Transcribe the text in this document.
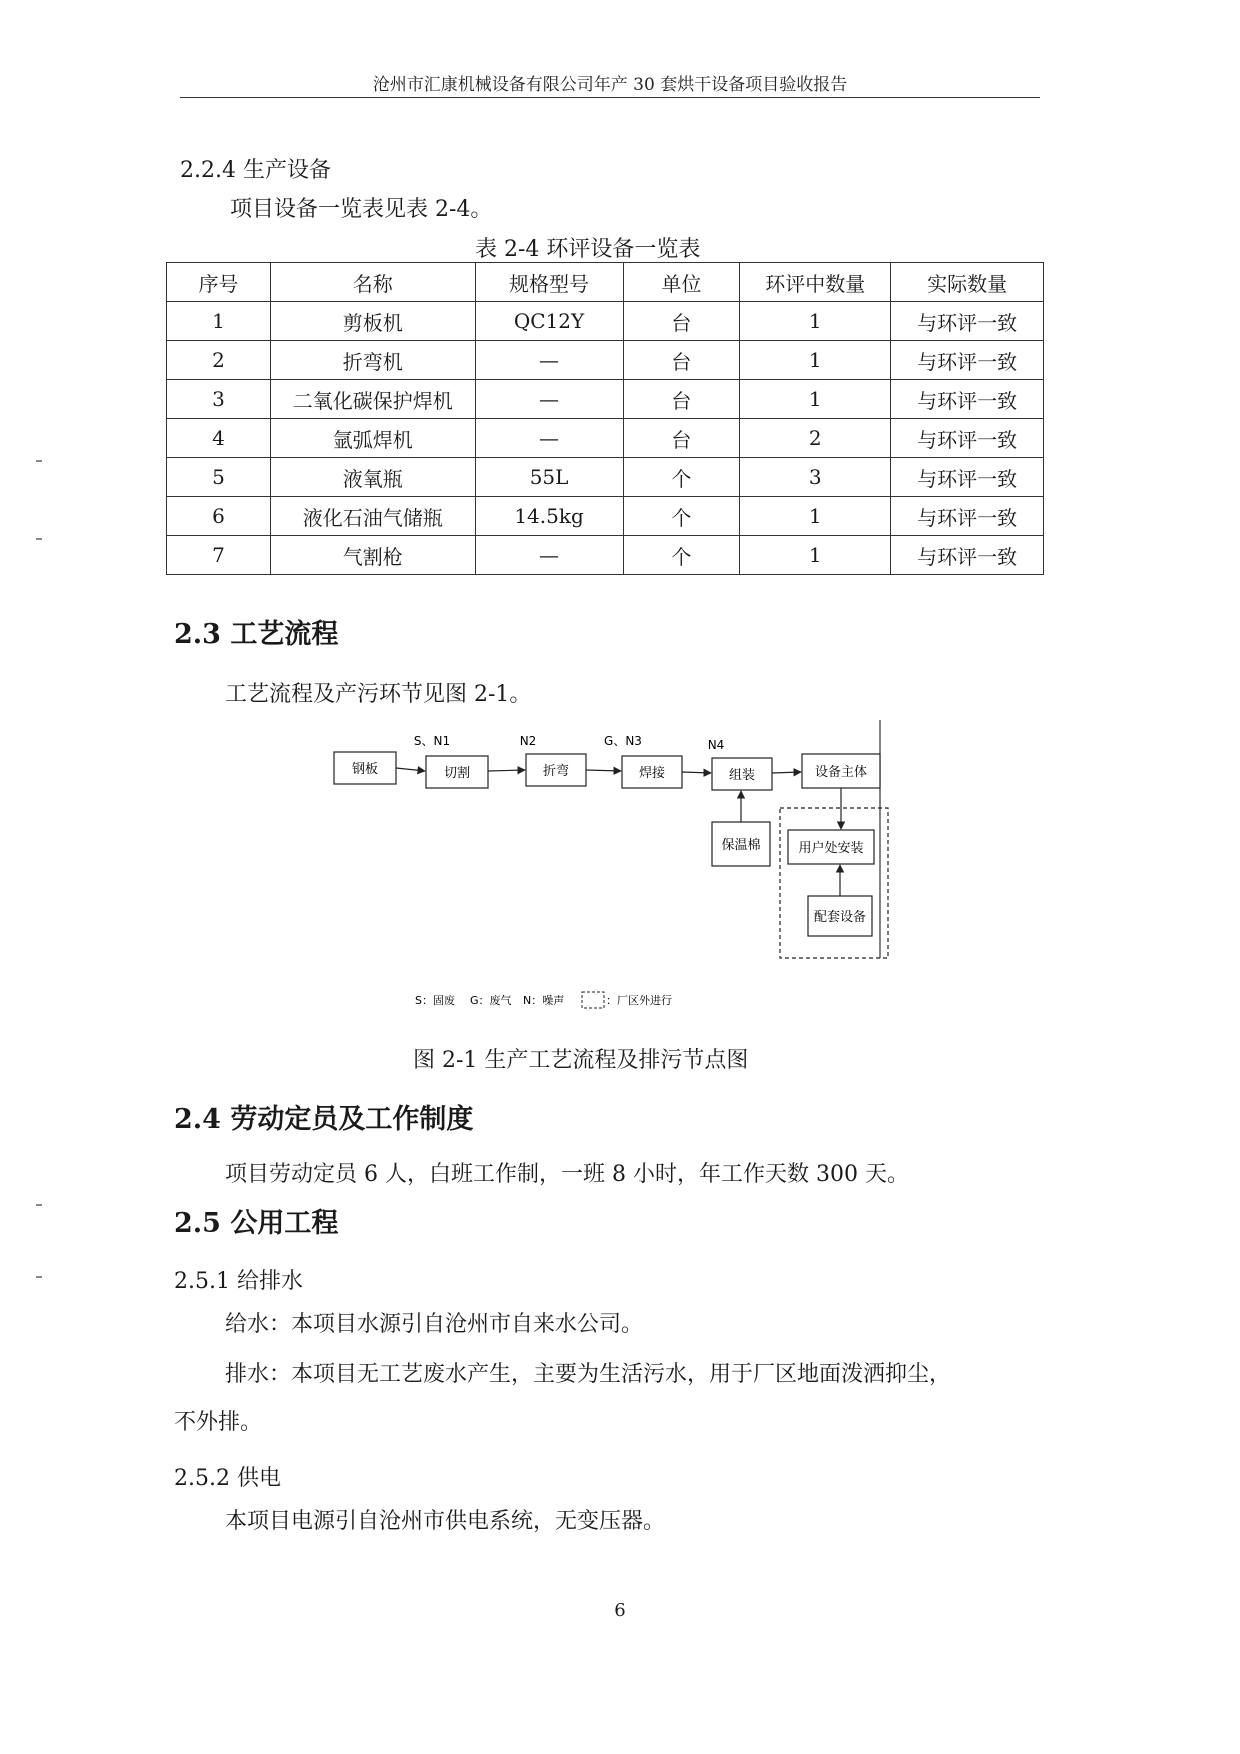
沧州市汇康机械设备有限公司年产 30 套烘干设备项目验收报告
2.2.4 生产设备
项目设备一览表见表 2-4。
表 2-4 环评设备一览表
序号	名称	规格型号	单位	环评中数量	实际数量
1	剪板机	QC12Y	台	1	与环评一致
2	折弯机	—	台	1	与环评一致
3	二氧化碳保护焊机	—	台	1	与环评一致
4	氩弧焊机	—	台	2	与环评一致
5	液氧瓶	55L	个	3	与环评一致
6	液化石油气储瓶	14.5kg	个	1	与环评一致
7	气割枪	—	个	1	与环评一致
2.3 工艺流程
工艺流程及产污环节见图 2-1。
S、N1	N2	G、N3	N4
钢板	切割	折弯	焊接	组装	设备主体
保温棉	用户处安装
配套设备
S：固废 G：废气 N：噪声	：厂区外进行
图 2-1 生产工艺流程及排污节点图
2.4 劳动定员及工作制度
项目劳动定员 6 人，白班工作制，一班 8 小时，年工作天数 300 天。
2.5 公用工程
2.5.1 给排水
给水：本项目水源引自沧州市自来水公司。
排水：本项目无工艺废水产生，主要为生活污水，用于厂区地面泼洒抑尘，
不外排。
2.5.2 供电
本项目电源引自沧州市供电系统，无变压器。
6
